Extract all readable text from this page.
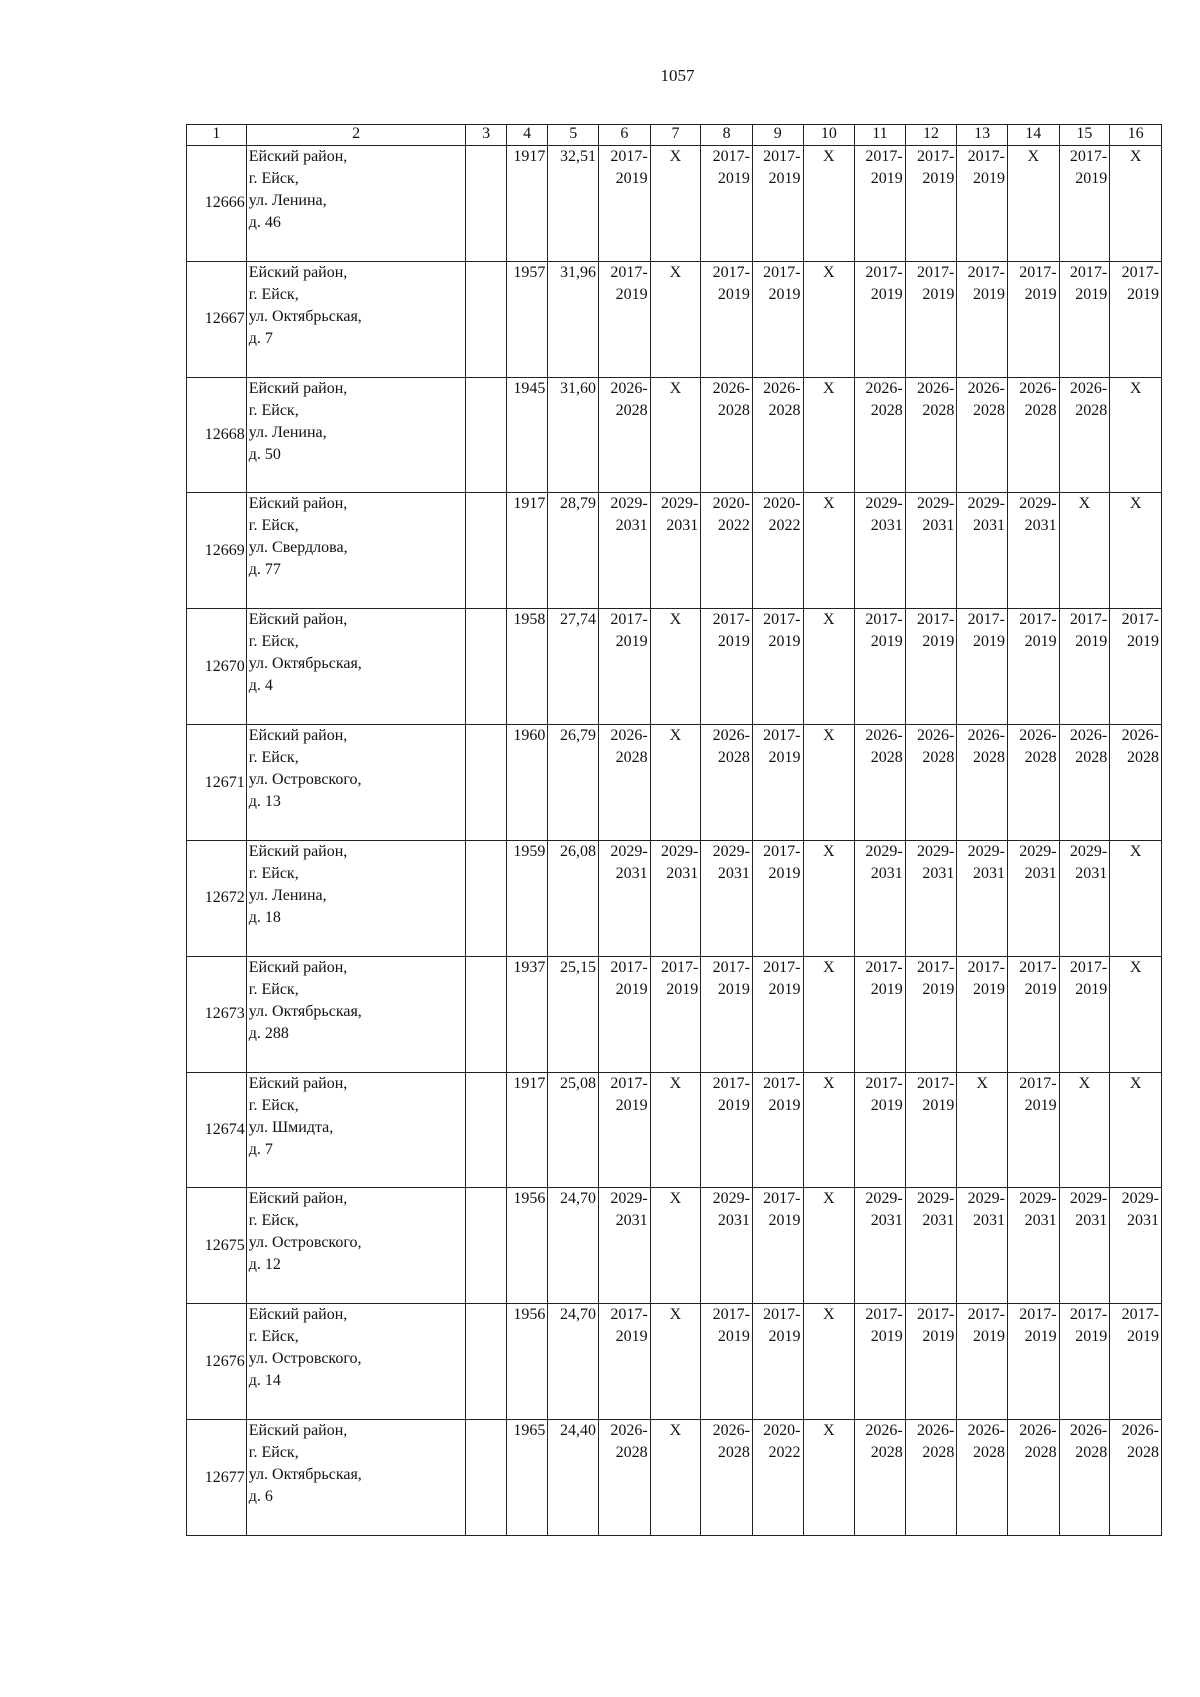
1057
1	2	3	4	5	6	7	8	9	10	11	12	13	14	15	16
12666	Ейский район,
г. Ейск,
ул. Ленина,
д. 46		1917	32,51	2017-2019	X	2017-2019	2017-2019	X	2017-2019	2017-2019	2017-2019	X	2017-2019	X
12667	Ейский район,
г. Ейск,
ул. Октябрьская,
д. 7		1957	31,96	2017-2019	X	2017-2019	2017-2019	X	2017-2019	2017-2019	2017-2019	2017-2019	2017-2019	2017-2019
12668	Ейский район,
г. Ейск,
ул. Ленина,
д. 50		1945	31,60	2026-2028	X	2026-2028	2026-2028	X	2026-2028	2026-2028	2026-2028	2026-2028	2026-2028	X
12669	Ейский район,
г. Ейск,
ул. Свердлова,
д. 77		1917	28,79	2029-2031	2029-2031	2020-2022	2020-2022	X	2029-2031	2029-2031	2029-2031	2029-2031	X	X
12670	Ейский район,
г. Ейск,
ул. Октябрьская,
д. 4		1958	27,74	2017-2019	X	2017-2019	2017-2019	X	2017-2019	2017-2019	2017-2019	2017-2019	2017-2019	2017-2019
12671	Ейский район,
г. Ейск,
ул. Островского,
д. 13		1960	26,79	2026-2028	X	2026-2028	2017-2019	X	2026-2028	2026-2028	2026-2028	2026-2028	2026-2028	2026-2028
12672	Ейский район,
г. Ейск,
ул. Ленина,
д. 18		1959	26,08	2029-2031	2029-2031	2029-2031	2017-2019	X	2029-2031	2029-2031	2029-2031	2029-2031	2029-2031	X
12673	Ейский район,
г. Ейск,
ул. Октябрьская,
д. 288		1937	25,15	2017-2019	2017-2019	2017-2019	2017-2019	X	2017-2019	2017-2019	2017-2019	2017-2019	2017-2019	X
12674	Ейский район,
г. Ейск,
ул. Шмидта,
д. 7		1917	25,08	2017-2019	X	2017-2019	2017-2019	X	2017-2019	2017-2019	X	2017-2019	X	X
12675	Ейский район,
г. Ейск,
ул. Островского,
д. 12		1956	24,70	2029-2031	X	2029-2031	2017-2019	X	2029-2031	2029-2031	2029-2031	2029-2031	2029-2031	2029-2031
12676	Ейский район,
г. Ейск,
ул. Островского,
д. 14		1956	24,70	2017-2019	X	2017-2019	2017-2019	X	2017-2019	2017-2019	2017-2019	2017-2019	2017-2019	2017-2019
12677	Ейский район,
г. Ейск,
ул. Октябрьская,
д. 6		1965	24,40	2026-2028	X	2026-2028	2020-2022	X	2026-2028	2026-2028	2026-2028	2026-2028	2026-2028	2026-2028
